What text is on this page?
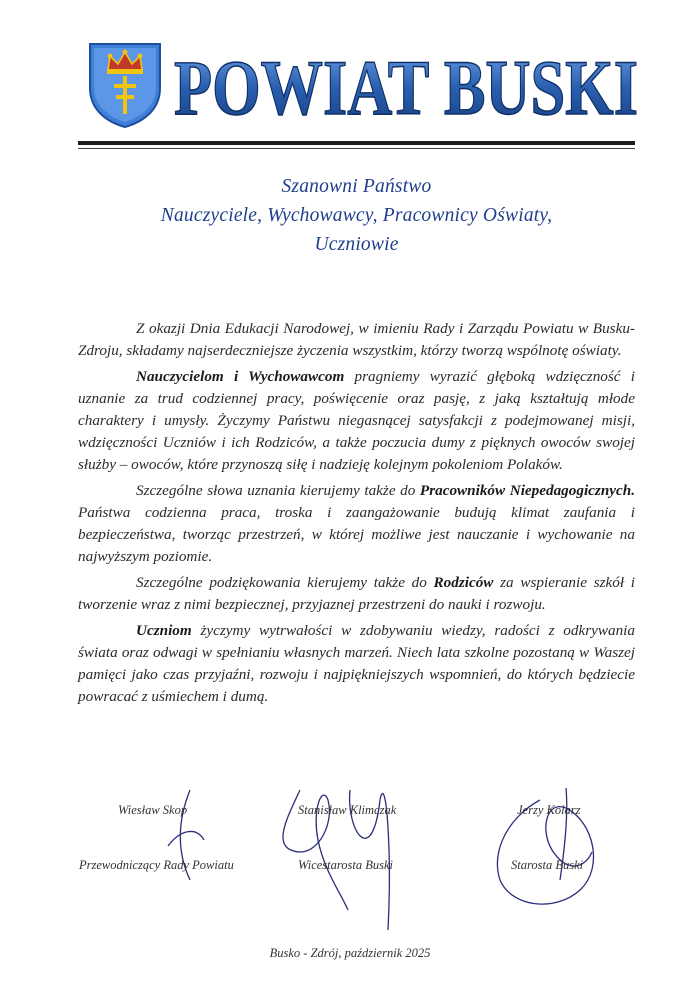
POWIAT BUSKI
Szanowni Państwo
Nauczyciele, Wychowawcy, Pracownicy Oświaty,
Uczniowie

Z okazji Dnia Edukacji Narodowej, w imieniu Rady i Zarządu Powiatu w Busku-Zdroju, składamy najserdeczniejsze życzenia wszystkim, którzy tworzą wspólnotę oświaty.

Nauczycielom i Wychowawcom pragniemy wyrazić głęboką wdzięczność i uznanie za trud codziennej pracy, poświęcenie oraz pasję, z jaką kształtują młode charaktery i umysły. Życzymy Państwu niegasnącej satysfakcji z podejmowanej misji, wdzięczności Uczniów i ich Rodziców, a także poczucia dumy z pięknych owoców swojej służby – owoców, które przynoszą siłę i nadzieję kolejnym pokoleniom Polaków.

Szczególne słowa uznania kierujemy także do Pracowników Niepedagogicznych. Państwa codzienna praca, troska i zaangażowanie budują klimat zaufania i bezpieczeństwa, tworząc przestrzeń, w której możliwe jest nauczanie i wychowanie na najwyższym poziomie.

Szczególne podziękowania kierujemy także do Rodziców za wspieranie szkół i tworzenie wraz z nimi bezpiecznej, przyjaznej przestrzeni do nauki i rozwoju.

Uczniom życzymy wytrwałości w zdobywaniu wiedzy, radości z odkrywania świata oraz odwagi w spełnianiu własnych marzeń. Niech lata szkolne pozostaną w Waszej pamięci jako czas przyjaźni, rozwoju i najpiękniejszych wspomnień, do których będziecie powracać z uśmiechem i dumą.

Wiesław Skop
Przewodniczący Rady Powiatu
Stanisław Klimczak
Wicestarosta Buski
Jerzy Kolarz
Starosta Buski
Busko - Zdrój, październik 2025
